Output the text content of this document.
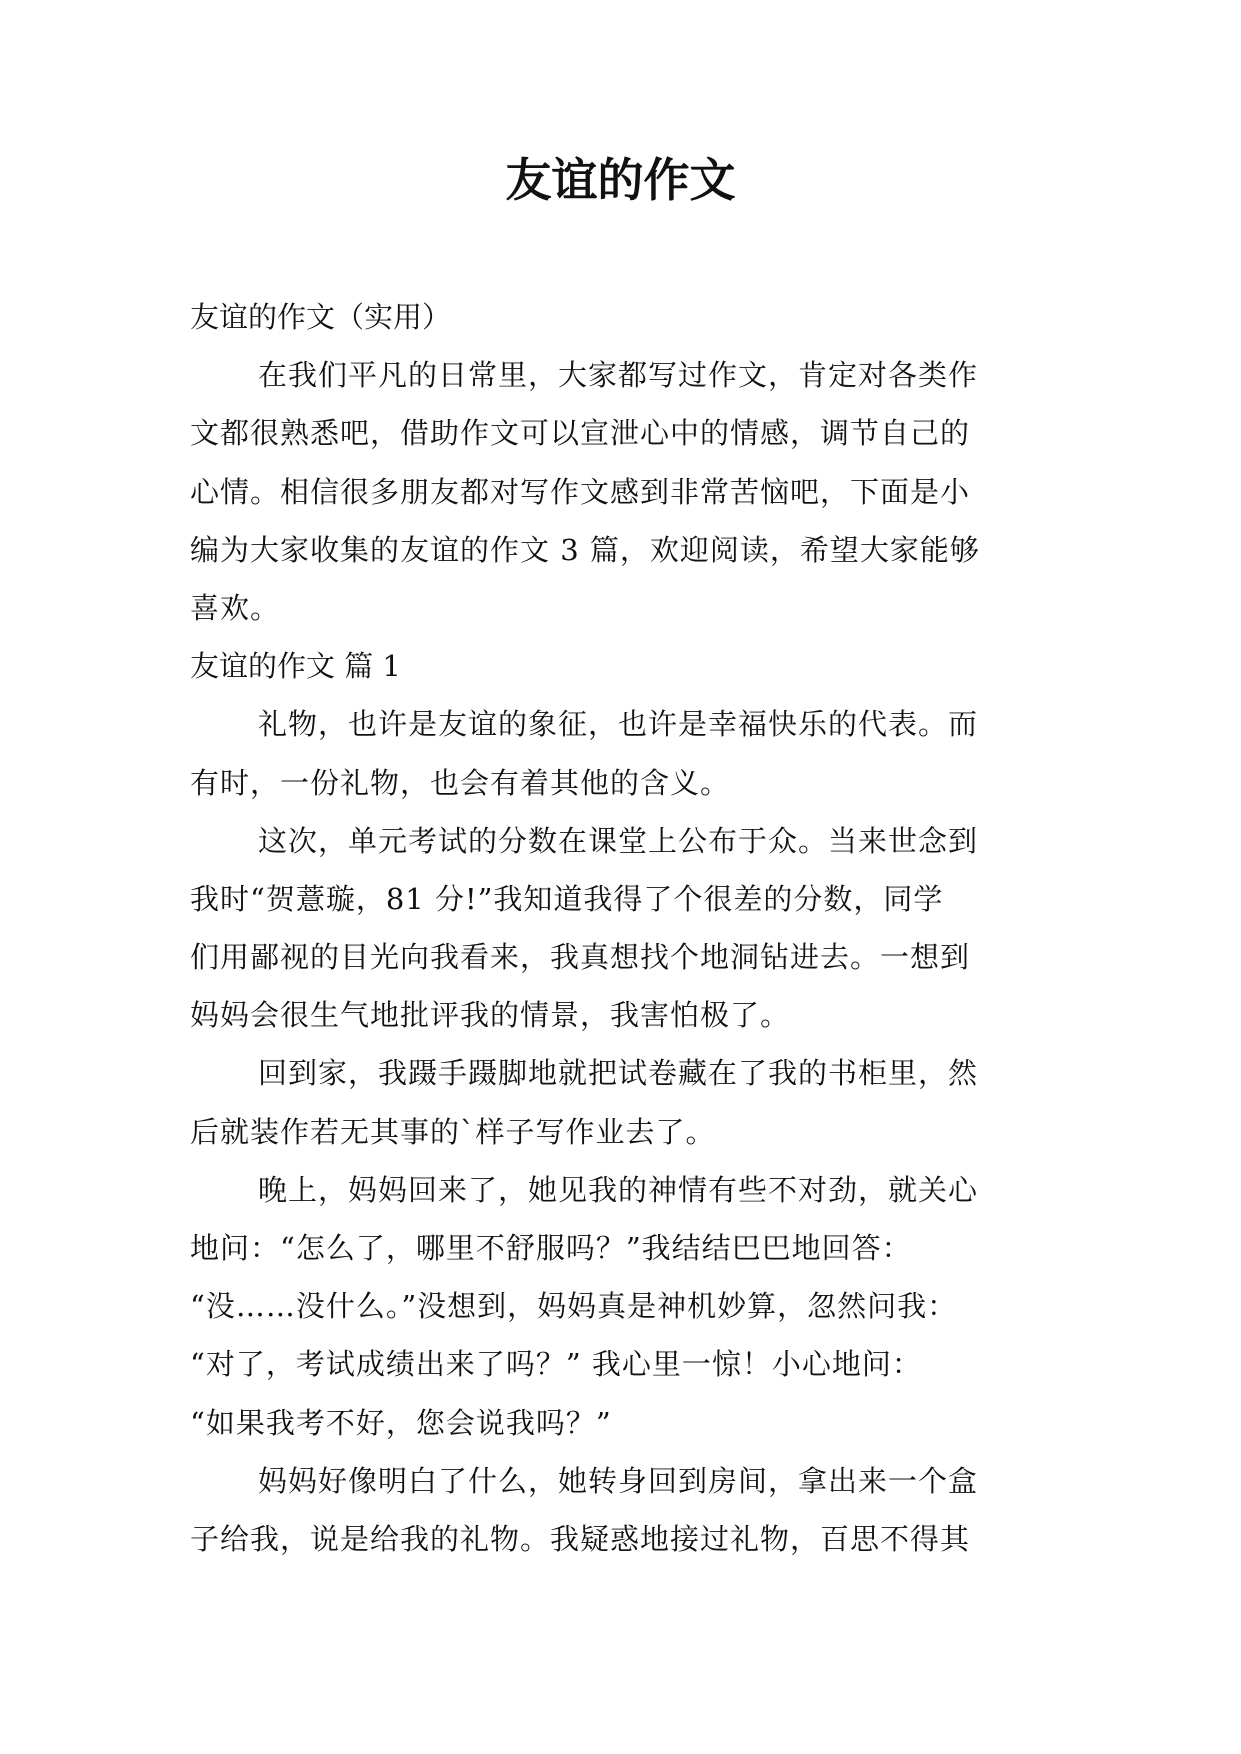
友谊的作文
友谊的作文（实用）
在我们平凡的日常里，大家都写过作文，肯定对各类作
文都很熟悉吧，借助作文可以宣泄心中的情感，调节自己的
心情。相信很多朋友都对写作文感到非常苦恼吧，下面是小
编为大家收集的友谊的作文 3 篇，欢迎阅读，希望大家能够
喜欢。
友谊的作文 篇 1
礼物，也许是友谊的象征，也许是幸福快乐的代表。而
有时，一份礼物，也会有着其他的含义。
这次，单元考试的分数在课堂上公布于众。当来世念到
我时“贺薏璇，81 分!”我知道我得了个很差的分数，同学
们用鄙视的目光向我看来，我真想找个地洞钻进去。一想到
妈妈会很生气地批评我的情景，我害怕极了。
回到家，我蹑手蹑脚地就把试卷藏在了我的书柜里，然
后就装作若无其事的`样子写作业去了。
晚上，妈妈回来了，她见我的神情有些不对劲，就关心
地问：“怎么了，哪里不舒服吗？”我结结巴巴地回答：
“没……没什么。”没想到，妈妈真是神机妙算，忽然问我：
“对了，考试成绩出来了吗？” 我心里一惊！小心地问：
“如果我考不好，您会说我吗？”
妈妈好像明白了什么，她转身回到房间，拿出来一个盒
子给我，说是给我的礼物。我疑惑地接过礼物，百思不得其
